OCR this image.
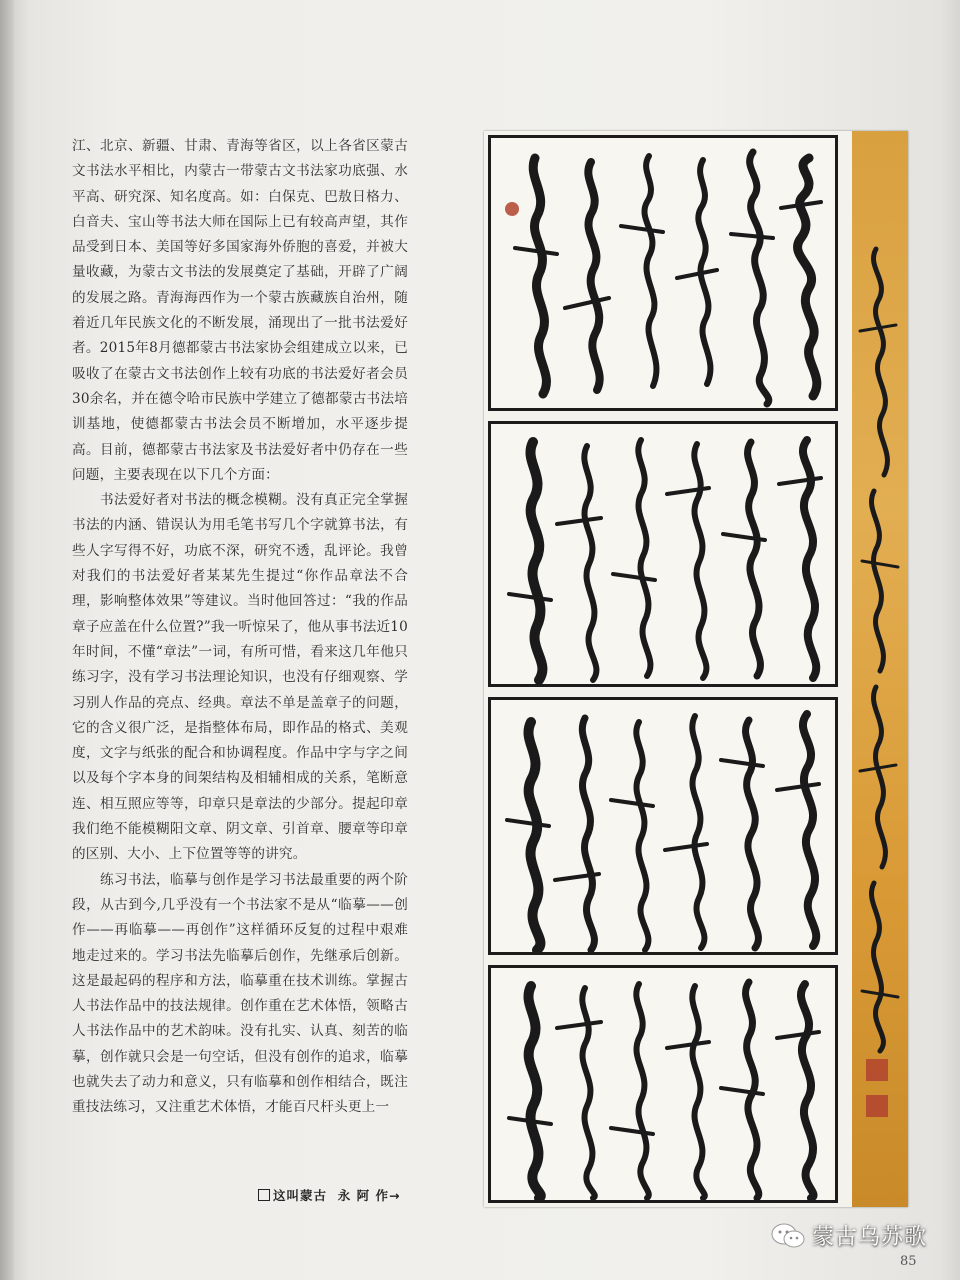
江、北京、新疆、甘肃、青海等省区，以上各省区蒙古文书法水平相比，内蒙古一带蒙古文书法家功底强、水平高、研究深、知名度高。如：白保克、巴敖日格力、白音夫、宝山等书法大师在国际上已有较高声望，其作品受到日本、美国等好多国家海外侨胞的喜爱，并被大量收藏，为蒙古文书法的发展奠定了基础，开辟了广阔的发展之路。青海海西作为一个蒙古族藏族自治州，随着近几年民族文化的不断发展，涌现出了一批书法爱好者。2015年8月德都蒙古书法家协会组建成立以来，已吸收了在蒙古文书法创作上较有功底的书法爱好者会员30余名，并在德令哈市民族中学建立了德都蒙古书法培训基地，使德都蒙古书法会员不断增加，水平逐步提高。目前，德都蒙古书法家及书法爱好者中仍存在一些问题，主要表现在以下几个方面：

书法爱好者对书法的概念模糊。没有真正完全掌握书法的内涵、错误认为用毛笔书写几个字就算书法，有些人字写得不好，功底不深，研究不透，乱评论。我曾对我们的书法爱好者某某先生提过“你作品章法不合理，影响整体效果”等建议。当时他回答过：“我的作品章子应盖在什么位置?”我一听惊呆了，他从事书法近10年时间，不懂“章法”一词，有所可惜，看来这几年他只练习字，没有学习书法理论知识，也没有仔细观察、学习别人作品的亮点、经典。章法不单是盖章子的问题，它的含义很广泛，是指整体布局，即作品的格式、美观度，文字与纸张的配合和协调程度。作品中字与字之间以及每个字本身的间架结构及相辅相成的关系，笔断意连、相互照应等等，印章只是章法的少部分。提起印章我们绝不能模糊阳文章、阴文章、引首章、腰章等印章的区别、大小、上下位置等等的讲究。

练习书法，临摹与创作是学习书法最重要的两个阶段，从古到今,几乎没有一个书法家不是从“临摹——创作——再临摹——再创作”这样循环反复的过程中艰难地走过来的。学习书法先临摹后创作，先继承后创新。这是最起码的程序和方法，临摹重在技术训练。掌握古人书法作品中的技法规律。创作重在艺术体悟，领略古人书法作品中的艺术韵味。没有扎实、认真、刻苦的临摹，创作就只会是一句空话，但没有创作的追求，临摹也就失去了动力和意义，只有临摹和创作相结合，既注重技法练习，又注重艺术体悟，才能百尺杆头更上一

这叫蒙古 永 阿 作→
85
蒙古乌苏歌
